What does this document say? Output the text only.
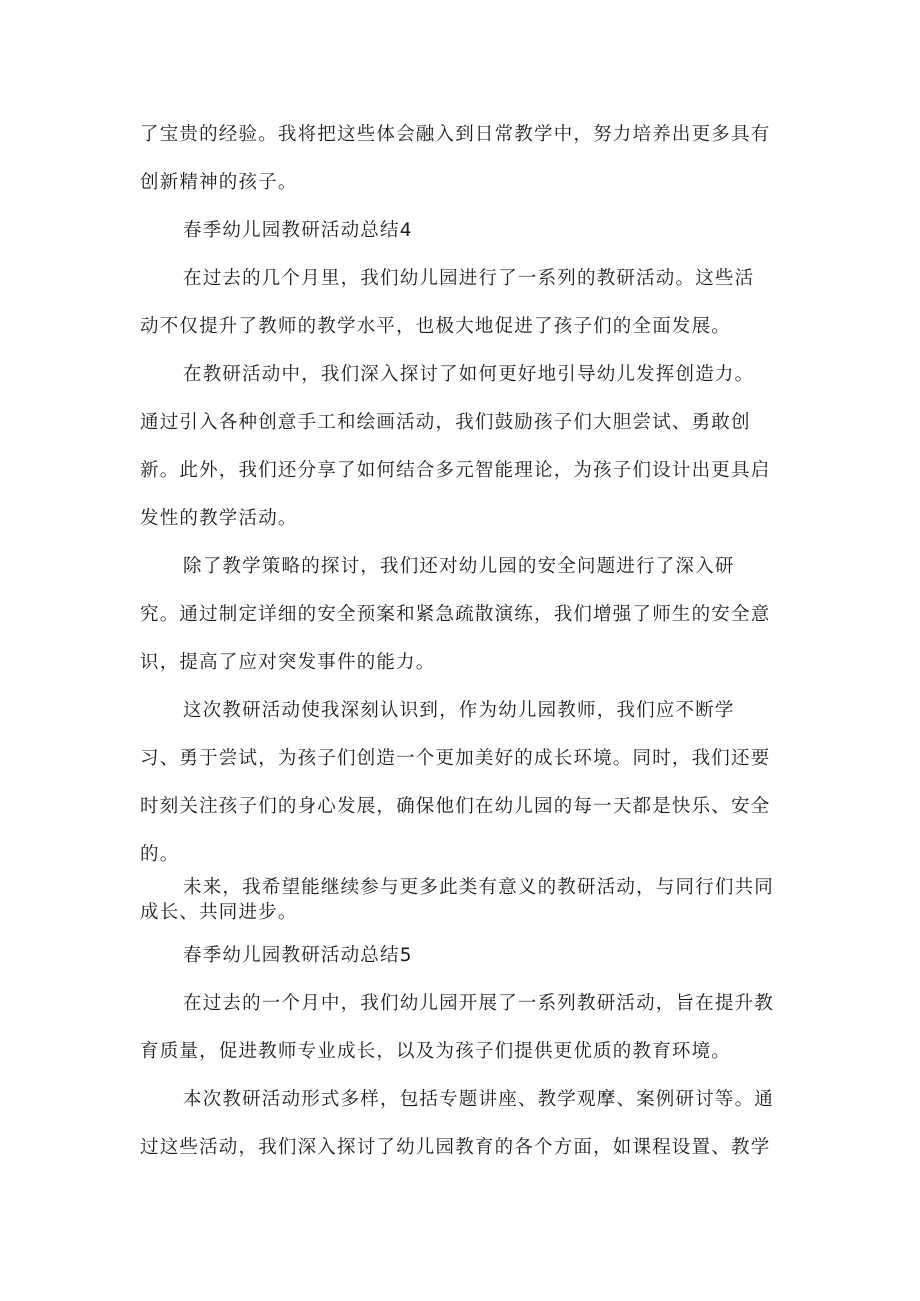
了宝贵的经验。我将把这些体会融入到日常教学中，努力培养出更多具有
创新精神的孩子。
春季幼儿园教研活动总结4
在过去的几个月里，我们幼儿园进行了一系列的教研活动。这些活
动不仅提升了教师的教学水平，也极大地促进了孩子们的全面发展。
在教研活动中，我们深入探讨了如何更好地引导幼儿发挥创造力。
通过引入各种创意手工和绘画活动，我们鼓励孩子们大胆尝试、勇敢创
新。此外，我们还分享了如何结合多元智能理论，为孩子们设计出更具启
发性的教学活动。
除了教学策略的探讨，我们还对幼儿园的安全问题进行了深入研
究。通过制定详细的安全预案和紧急疏散演练，我们增强了师生的安全意
识，提高了应对突发事件的能力。
这次教研活动使我深刻认识到，作为幼儿园教师，我们应不断学
习、勇于尝试，为孩子们创造一个更加美好的成长环境。同时，我们还要
时刻关注孩子们的身心发展，确保他们在幼儿园的每一天都是快乐、安全
的。
未来，我希望能继续参与更多此类有意义的教研活动，与同行们共同
成长、共同进步。
春季幼儿园教研活动总结5
在过去的一个月中，我们幼儿园开展了一系列教研活动，旨在提升教
育质量，促进教师专业成长，以及为孩子们提供更优质的教育环境。
本次教研活动形式多样，包括专题讲座、教学观摩、案例研讨等。通
过这些活动，我们深入探讨了幼儿园教育的各个方面，如课程设置、教学
